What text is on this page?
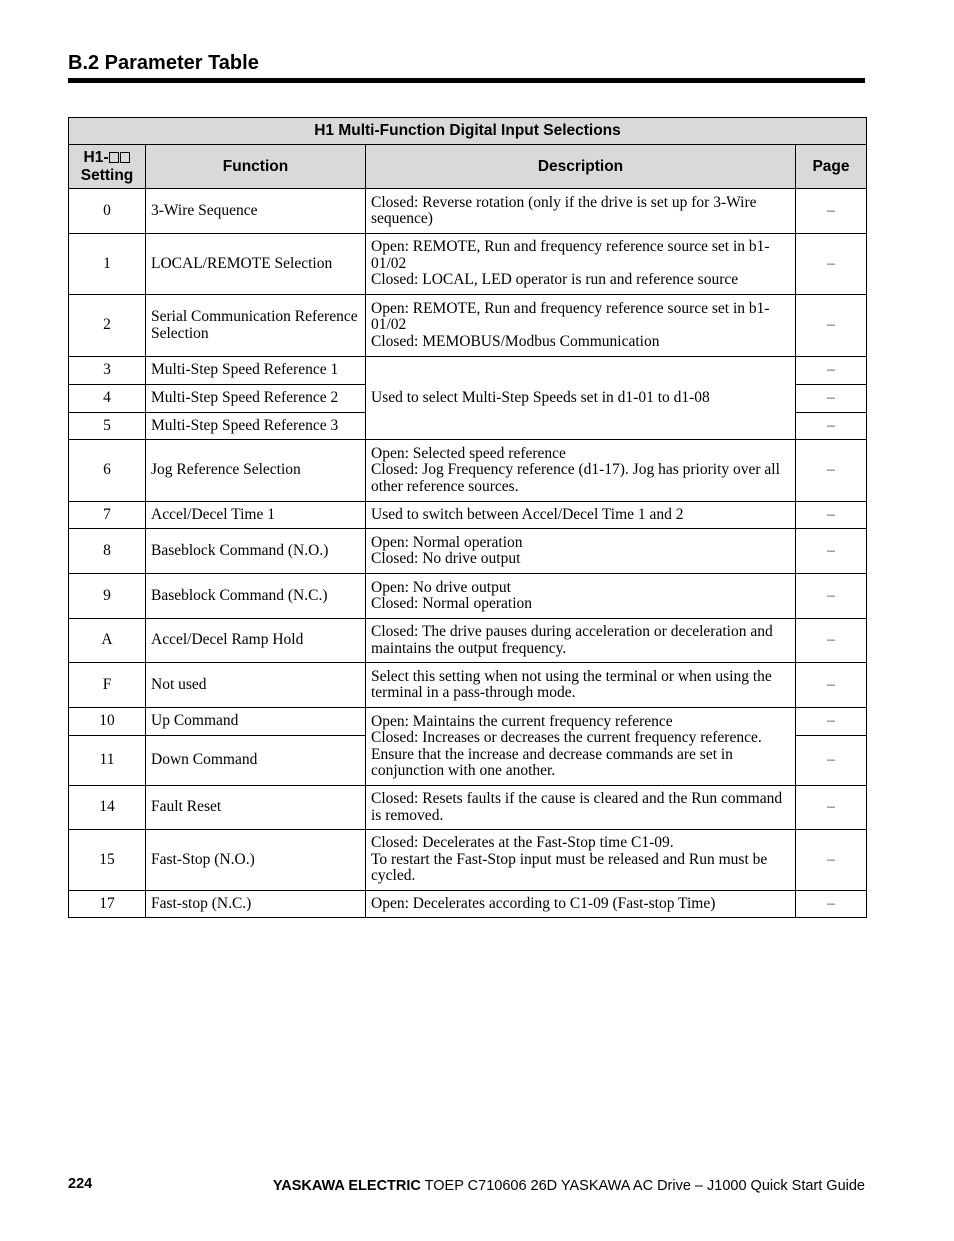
B.2 Parameter Table
H1 Multi-Function Digital Input Selections			
H1-
Setting	Function	Description	Page
0	3-Wire Sequence	Closed: Reverse rotation (only if the drive is set up for 3-Wire sequence)	–
1	LOCAL/REMOTE Selection	Open: REMOTE, Run and frequency reference source set in b1-01/02
Closed: LOCAL, LED operator is run and reference source	–
2	Serial Communication Reference Selection	Open: REMOTE, Run and frequency reference source set in b1-01/02
Closed: MEMOBUS/Modbus Communication	–
3	Multi-Step Speed Reference 1	Used to select Multi-Step Speeds set in d1-01 to d1-08	–
4	Multi-Step Speed Reference 2		–
5	Multi-Step Speed Reference 3		–
6	Jog Reference Selection	Open: Selected speed reference
Closed: Jog Frequency reference (d1-17). Jog has priority over all other reference sources.	–
7	Accel/Decel Time 1	Used to switch between Accel/Decel Time 1 and 2	–
8	Baseblock Command (N.O.)	Open: Normal operation
Closed: No drive output	–
9	Baseblock Command (N.C.)	Open: No drive output
Closed: Normal operation	–
A	Accel/Decel Ramp Hold	Closed: The drive pauses during acceleration or deceleration and maintains the output frequency.	–
F	Not used	Select this setting when not using the terminal or when using the terminal in a pass-through mode.	–
10	Up Command	Open: Maintains the current frequency reference
Closed: Increases or decreases the current frequency reference. Ensure that the increase and decrease commands are set in conjunction with one another.	–
11	Down Command		–
14	Fault Reset	Closed: Resets faults if the cause is cleared and the Run command is removed.	–
15	Fast-Stop (N.O.)	Closed: Decelerates at the Fast-Stop time C1-09.
To restart the Fast-Stop input must be released and Run must be cycled.	–
17	Fast-stop (N.C.)	Open: Decelerates according to C1-09 (Fast-stop Time)	–
224	YASKAWA ELECTRIC TOEP C710606 26D YASKAWA AC Drive – J1000 Quick Start Guide
